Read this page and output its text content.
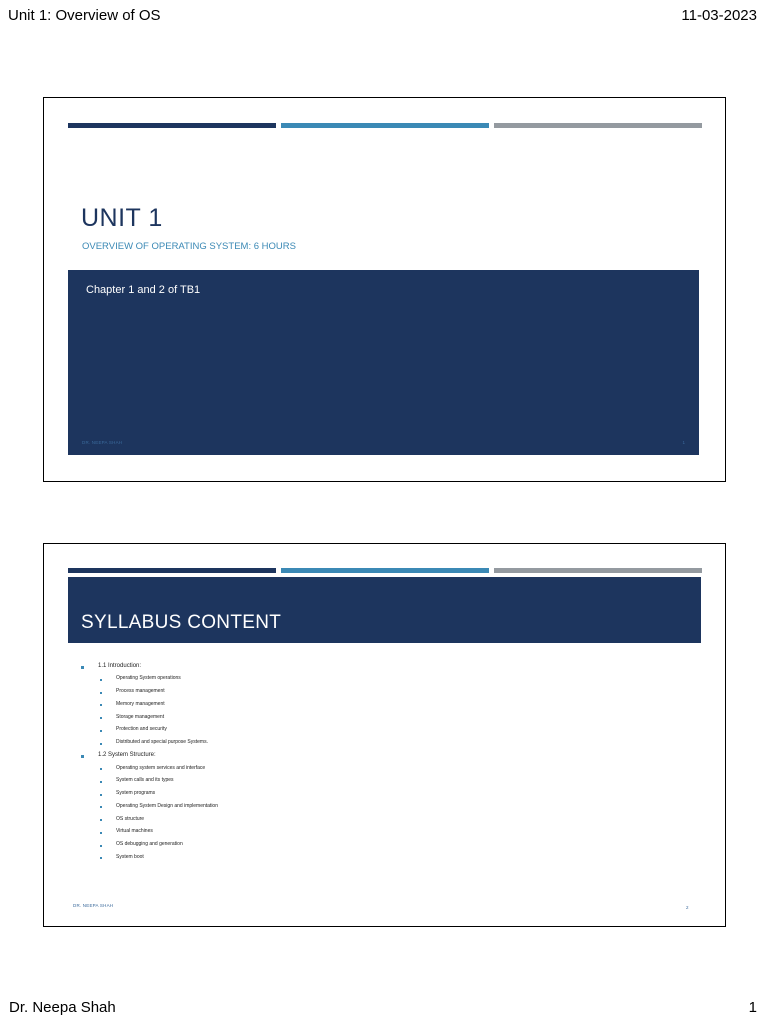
Unit 1: Overview of OS	11-03-2023
UNIT 1
OVERVIEW OF OPERATING SYSTEM: 6 HOURS
Chapter 1 and 2 of TB1
DR. NEEPA SHAH	1
SYLLABUS CONTENT
1.1 Introduction:
Operating System operations
Process management
Memory management
Storage management
Protection and security
Distributed and special purpose Systems.
1.2 System Structure:
Operating system services and interface
System calls and its types
System programs
Operating System Design and implementation
OS structure
Virtual machines
OS debugging and generation
System boot
DR. NEEPA SHAH	2
Dr. Neepa Shah	1
